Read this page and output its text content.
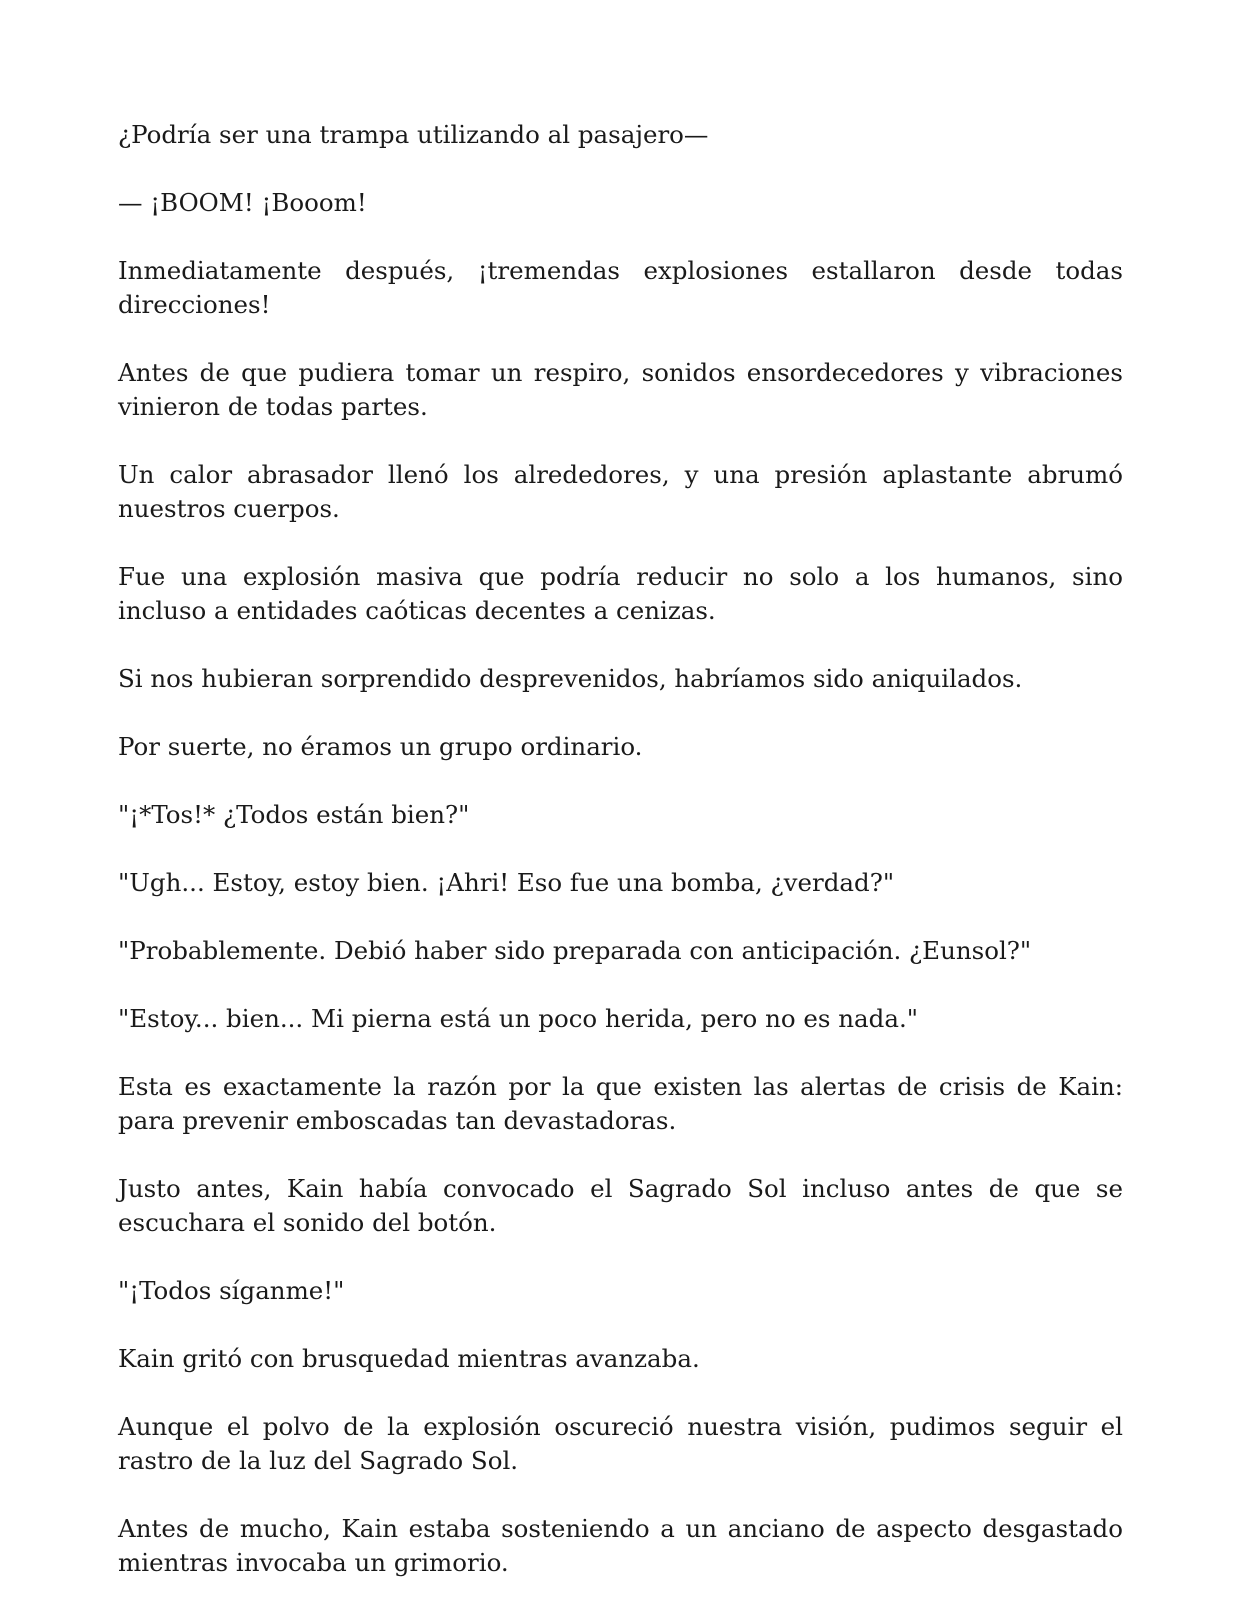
¿Podría ser una trampa utilizando al pasajero—

— ¡BOOM! ¡Booom!

Inmediatamente después, ¡tremendas explosiones estallaron desde todas direcciones!

Antes de que pudiera tomar un respiro, sonidos ensordecedores y vibraciones vinieron de todas partes.

Un calor abrasador llenó los alrededores, y una presión aplastante abrumó nuestros cuerpos.

Fue una explosión masiva que podría reducir no solo a los humanos, sino incluso a entidades caóticas decentes a cenizas.

Si nos hubieran sorprendido desprevenidos, habríamos sido aniquilados.

Por suerte, no éramos un grupo ordinario.

"¡*Tos!* ¿Todos están bien?"

"Ugh... Estoy, estoy bien. ¡Ahri! Eso fue una bomba, ¿verdad?"

"Probablemente. Debió haber sido preparada con anticipación. ¿Eunsol?"

"Estoy... bien... Mi pierna está un poco herida, pero no es nada."

Esta es exactamente la razón por la que existen las alertas de crisis de Kain: para prevenir emboscadas tan devastadoras.

Justo antes, Kain había convocado el Sagrado Sol incluso antes de que se escuchara el sonido del botón.

"¡Todos síganme!"

Kain gritó con brusquedad mientras avanzaba.

Aunque el polvo de la explosión oscureció nuestra visión, pudimos seguir el rastro de la luz del Sagrado Sol.

Antes de mucho, Kain estaba sosteniendo a un anciano de aspecto desgastado mientras invocaba un grimorio.
